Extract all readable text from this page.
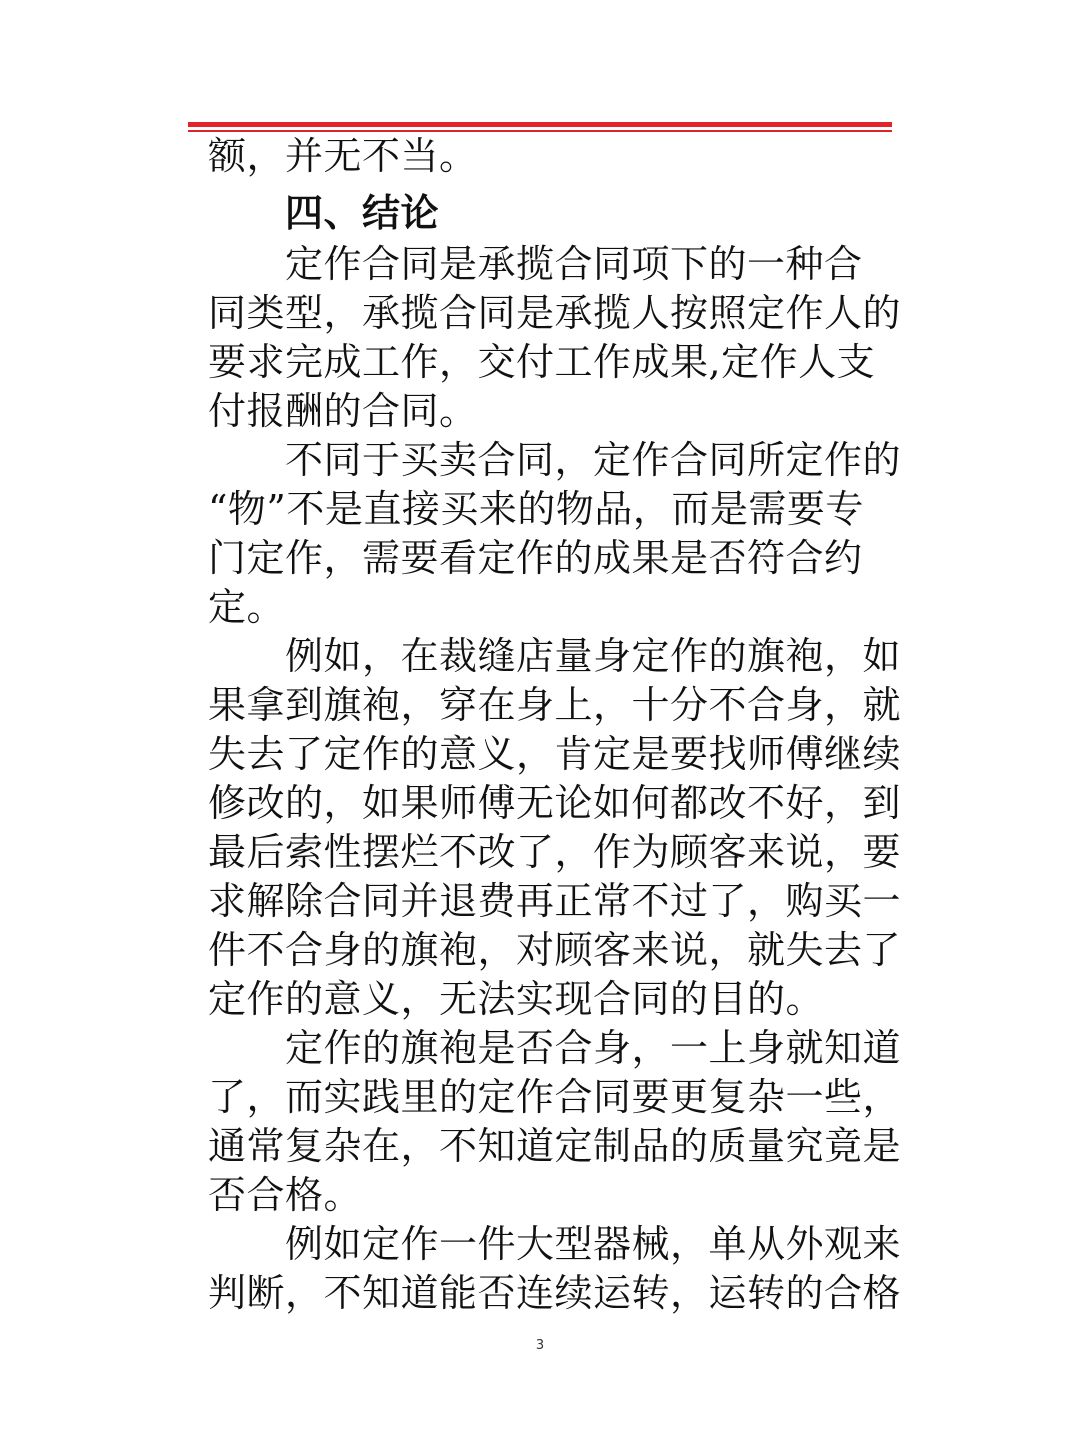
额，并无不当。
四、结论
定作合同是承揽合同项下的一种合
同类型，承揽合同是承揽人按照定作人的
要求完成工作，交付工作成果,定作人支
付报酬的合同。
不同于买卖合同，定作合同所定作的
“物”不是直接买来的物品，而是需要专
门定作，需要看定作的成果是否符合约
定。
例如，在裁缝店量身定作的旗袍，如
果拿到旗袍，穿在身上，十分不合身，就
失去了定作的意义，肯定是要找师傅继续
修改的，如果师傅无论如何都改不好，到
最后索性摆烂不改了，作为顾客来说，要
求解除合同并退费再正常不过了，购买一
件不合身的旗袍，对顾客来说，就失去了
定作的意义，无法实现合同的目的。
定作的旗袍是否合身，一上身就知道
了，而实践里的定作合同要更复杂一些，
通常复杂在，不知道定制品的质量究竟是
否合格。
例如定作一件大型器械，单从外观来
判断，不知道能否连续运转，运转的合格
3
